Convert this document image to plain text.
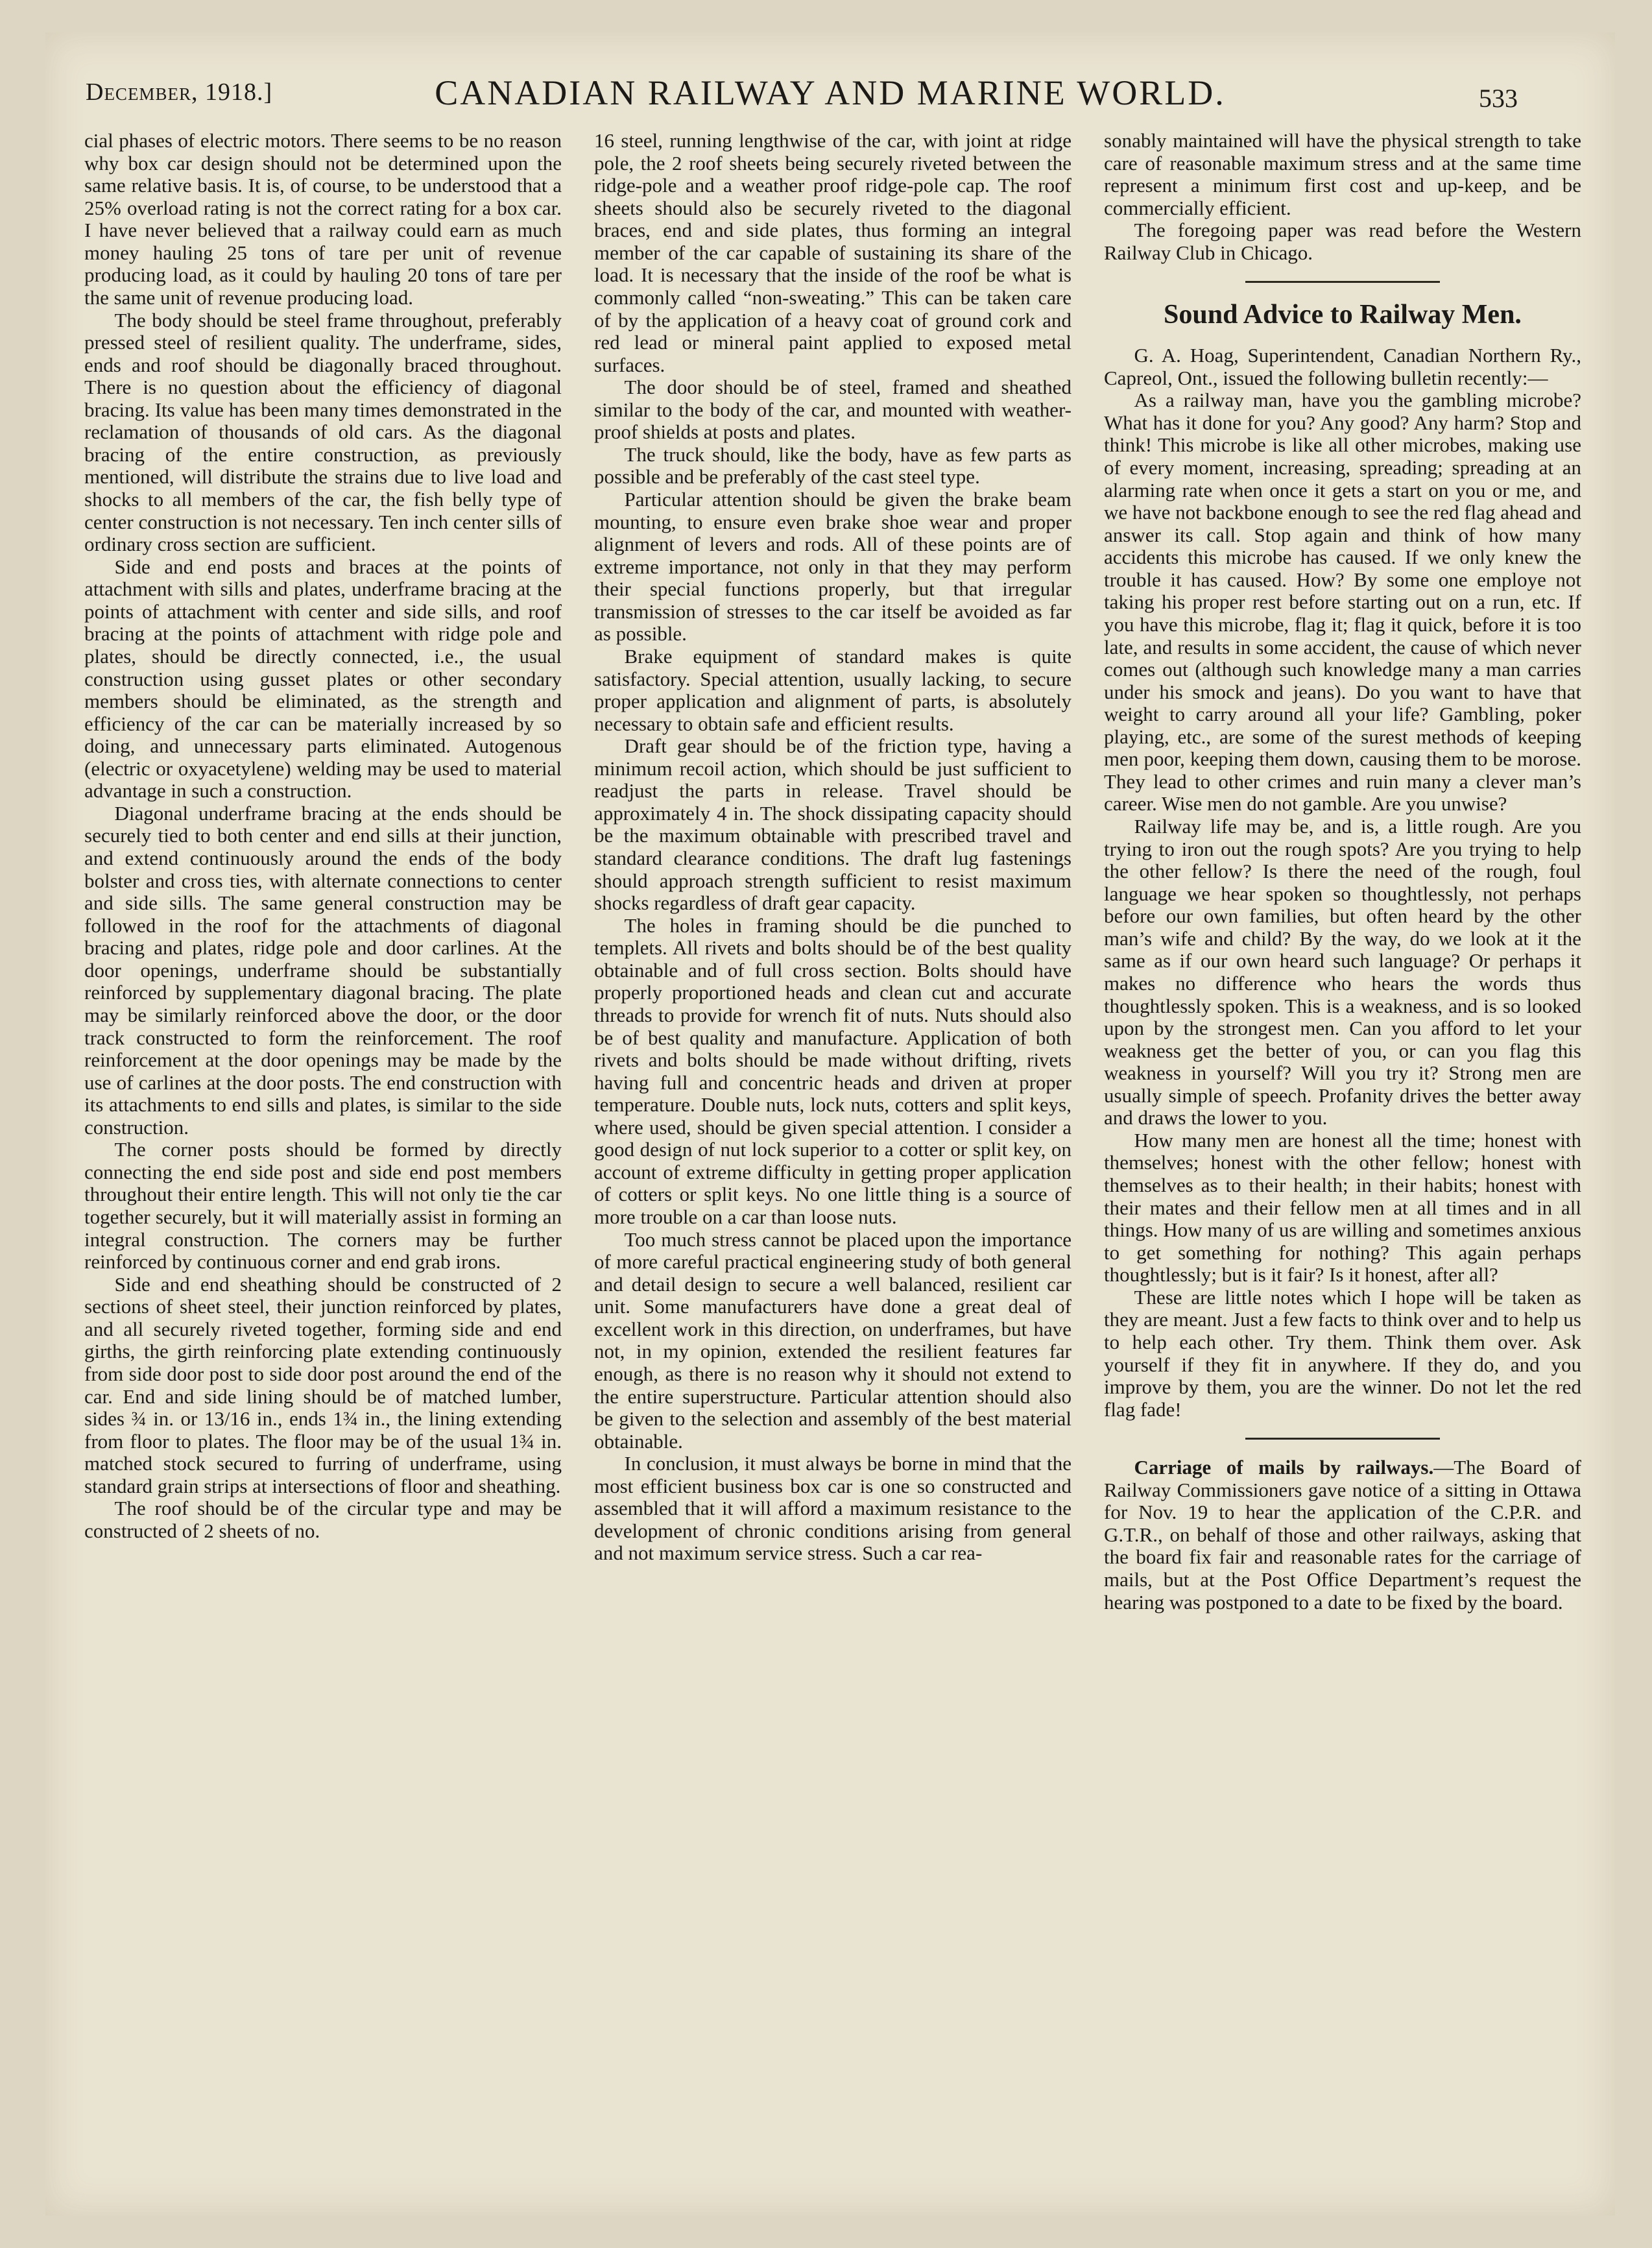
December, 1918.]	CANADIAN RAILWAY AND MARINE WORLD.	533

cial phases of electric motors. There seems to be no reason why box car design should not be determined upon the same relative basis. It is, of course, to be understood that a 25% overload rating is not the correct rating for a box car. I have never believed that a railway could earn as much money hauling 25 tons of tare per unit of revenue producing load, as it could by hauling 20 tons of tare per the same unit of revenue producing load.

The body should be steel frame throughout, preferably pressed steel of resilient quality. The underframe, sides, ends and roof should be diagonally braced throughout. There is no question about the efficiency of diagonal bracing. Its value has been many times demonstrated in the reclamation of thousands of old cars. As the diagonal bracing of the entire construction, as previously mentioned, will distribute the strains due to live load and shocks to all members of the car, the fish belly type of center construction is not necessary. Ten inch center sills of ordinary cross section are sufficient.

Side and end posts and braces at the points of attachment with sills and plates, underframe bracing at the points of attachment with center and side sills, and roof bracing at the points of attachment with ridge pole and plates, should be directly connected, i.e., the usual construction using gusset plates or other secondary members should be eliminated, as the strength and efficiency of the car can be materially increased by so doing, and unnecessary parts eliminated. Autogenous (electric or oxyacetylene) welding may be used to material advantage in such a construction.

Diagonal underframe bracing at the ends should be securely tied to both center and end sills at their junction, and extend continuously around the ends of the body bolster and cross ties, with alternate connections to center and side sills. The same general construction may be followed in the roof for the attachments of diagonal bracing and plates, ridge pole and door carlines. At the door openings, underframe should be substantially reinforced by supplementary diagonal bracing. The plate may be similarly reinforced above the door, or the door track constructed to form the reinforcement. The roof reinforcement at the door openings may be made by the use of carlines at the door posts. The end construction with its attachments to end sills and plates, is similar to the side construction.

The corner posts should be formed by directly connecting the end side post and side end post members throughout their entire length. This will not only tie the car together securely, but it will materially assist in forming an integral construction. The corners may be further reinforced by continuous corner and end grab irons.

Side and end sheathing should be constructed of 2 sections of sheet steel, their junction reinforced by plates, and all securely riveted together, forming side and end girths, the girth reinforcing plate extending continuously from side door post to side door post around the end of the car. End and side lining should be of matched lumber, sides ¾ in. or 13/16 in., ends 1¾ in., the lining extending from floor to plates. The floor may be of the usual 1¾ in. matched stock secured to furring of underframe, using standard grain strips at intersections of floor and sheathing.

The roof should be of the circular type and may be constructed of 2 sheets of no.

16 steel, running lengthwise of the car, with joint at ridge pole, the 2 roof sheets being securely riveted between the ridge-pole and a weather proof ridge-pole cap. The roof sheets should also be securely riveted to the diagonal braces, end and side plates, thus forming an integral member of the car capable of sustaining its share of the load. It is necessary that the inside of the roof be what is commonly called “non-sweating.” This can be taken care of by the application of a heavy coat of ground cork and red lead or mineral paint applied to exposed metal surfaces.

The door should be of steel, framed and sheathed similar to the body of the car, and mounted with weather-proof shields at posts and plates.

The truck should, like the body, have as few parts as possible and be preferably of the cast steel type.

Particular attention should be given the brake beam mounting, to ensure even brake shoe wear and proper alignment of levers and rods. All of these points are of extreme importance, not only in that they may perform their special functions properly, but that irregular transmission of stresses to the car itself be avoided as far as possible.

Brake equipment of standard makes is quite satisfactory. Special attention, usually lacking, to secure proper application and alignment of parts, is absolutely necessary to obtain safe and efficient results.

Draft gear should be of the friction type, having a minimum recoil action, which should be just sufficient to readjust the parts in release. Travel should be approximately 4 in. The shock dissipating capacity should be the maximum obtainable with prescribed travel and standard clearance conditions. The draft lug fastenings should approach strength sufficient to resist maximum shocks regardless of draft gear capacity.

The holes in framing should be die punched to templets. All rivets and bolts should be of the best quality obtainable and of full cross section. Bolts should have properly proportioned heads and clean cut and accurate threads to provide for wrench fit of nuts. Nuts should also be of best quality and manufacture. Application of both rivets and bolts should be made without drifting, rivets having full and concentric heads and driven at proper temperature. Double nuts, lock nuts, cotters and split keys, where used, should be given special attention. I consider a good design of nut lock superior to a cotter or split key, on account of extreme difficulty in getting proper application of cotters or split keys. No one little thing is a source of more trouble on a car than loose nuts.

Too much stress cannot be placed upon the importance of more careful practical engineering study of both general and detail design to secure a well balanced, resilient car unit. Some manufacturers have done a great deal of excellent work in this direction, on underframes, but have not, in my opinion, extended the resilient features far enough, as there is no reason why it should not extend to the entire superstructure. Particular attention should also be given to the selection and assembly of the best material obtainable.

In conclusion, it must always be borne in mind that the most efficient business box car is one so constructed and assembled that it will afford a maximum resistance to the development of chronic conditions arising from general and not maximum service stress. Such a car rea-

sonably maintained will have the physical strength to take care of reasonable maximum stress and at the same time represent a minimum first cost and up-keep, and be commercially efficient.

The foregoing paper was read before the Western Railway Club in Chicago.

Sound Advice to Railway Men.

G. A. Hoag, Superintendent, Canadian Northern Ry., Capreol, Ont., issued the following bulletin recently:—

As a railway man, have you the gambling microbe? What has it done for you? Any good? Any harm? Stop and think! This microbe is like all other microbes, making use of every moment, increasing, spreading; spreading at an alarming rate when once it gets a start on you or me, and we have not backbone enough to see the red flag ahead and answer its call. Stop again and think of how many accidents this microbe has caused. If we only knew the trouble it has caused. How? By some one employe not taking his proper rest before starting out on a run, etc. If you have this microbe, flag it; flag it quick, before it is too late, and results in some accident, the cause of which never comes out (although such knowledge many a man carries under his smock and jeans). Do you want to have that weight to carry around all your life? Gambling, poker playing, etc., are some of the surest methods of keeping men poor, keeping them down, causing them to be morose. They lead to other crimes and ruin many a clever man’s career. Wise men do not gamble. Are you unwise?

Railway life may be, and is, a little rough. Are you trying to iron out the rough spots? Are you trying to help the other fellow? Is there the need of the rough, foul language we hear spoken so thoughtlessly, not perhaps before our own families, but often heard by the other man’s wife and child? By the way, do we look at it the same as if our own heard such language? Or perhaps it makes no difference who hears the words thus thoughtlessly spoken. This is a weakness, and is so looked upon by the strongest men. Can you afford to let your weakness get the better of you, or can you flag this weakness in yourself? Will you try it? Strong men are usually simple of speech. Profanity drives the better away and draws the lower to you.

How many men are honest all the time; honest with themselves; honest with the other fellow; honest with themselves as to their health; in their habits; honest with their mates and their fellow men at all times and in all things. How many of us are willing and sometimes anxious to get something for nothing? This again perhaps thoughtlessly; but is it fair? Is it honest, after all?

These are little notes which I hope will be taken as they are meant. Just a few facts to think over and to help us to help each other. Try them. Think them over. Ask yourself if they fit in anywhere. If they do, and you improve by them, you are the winner. Do not let the red flag fade!

Carriage of mails by railways.—The Board of Railway Commissioners gave notice of a sitting in Ottawa for Nov. 19 to hear the application of the C.P.R. and G.T.R., on behalf of those and other railways, asking that the board fix fair and reasonable rates for the carriage of mails, but at the Post Office Department’s request the hearing was postponed to a date to be fixed by the board.
